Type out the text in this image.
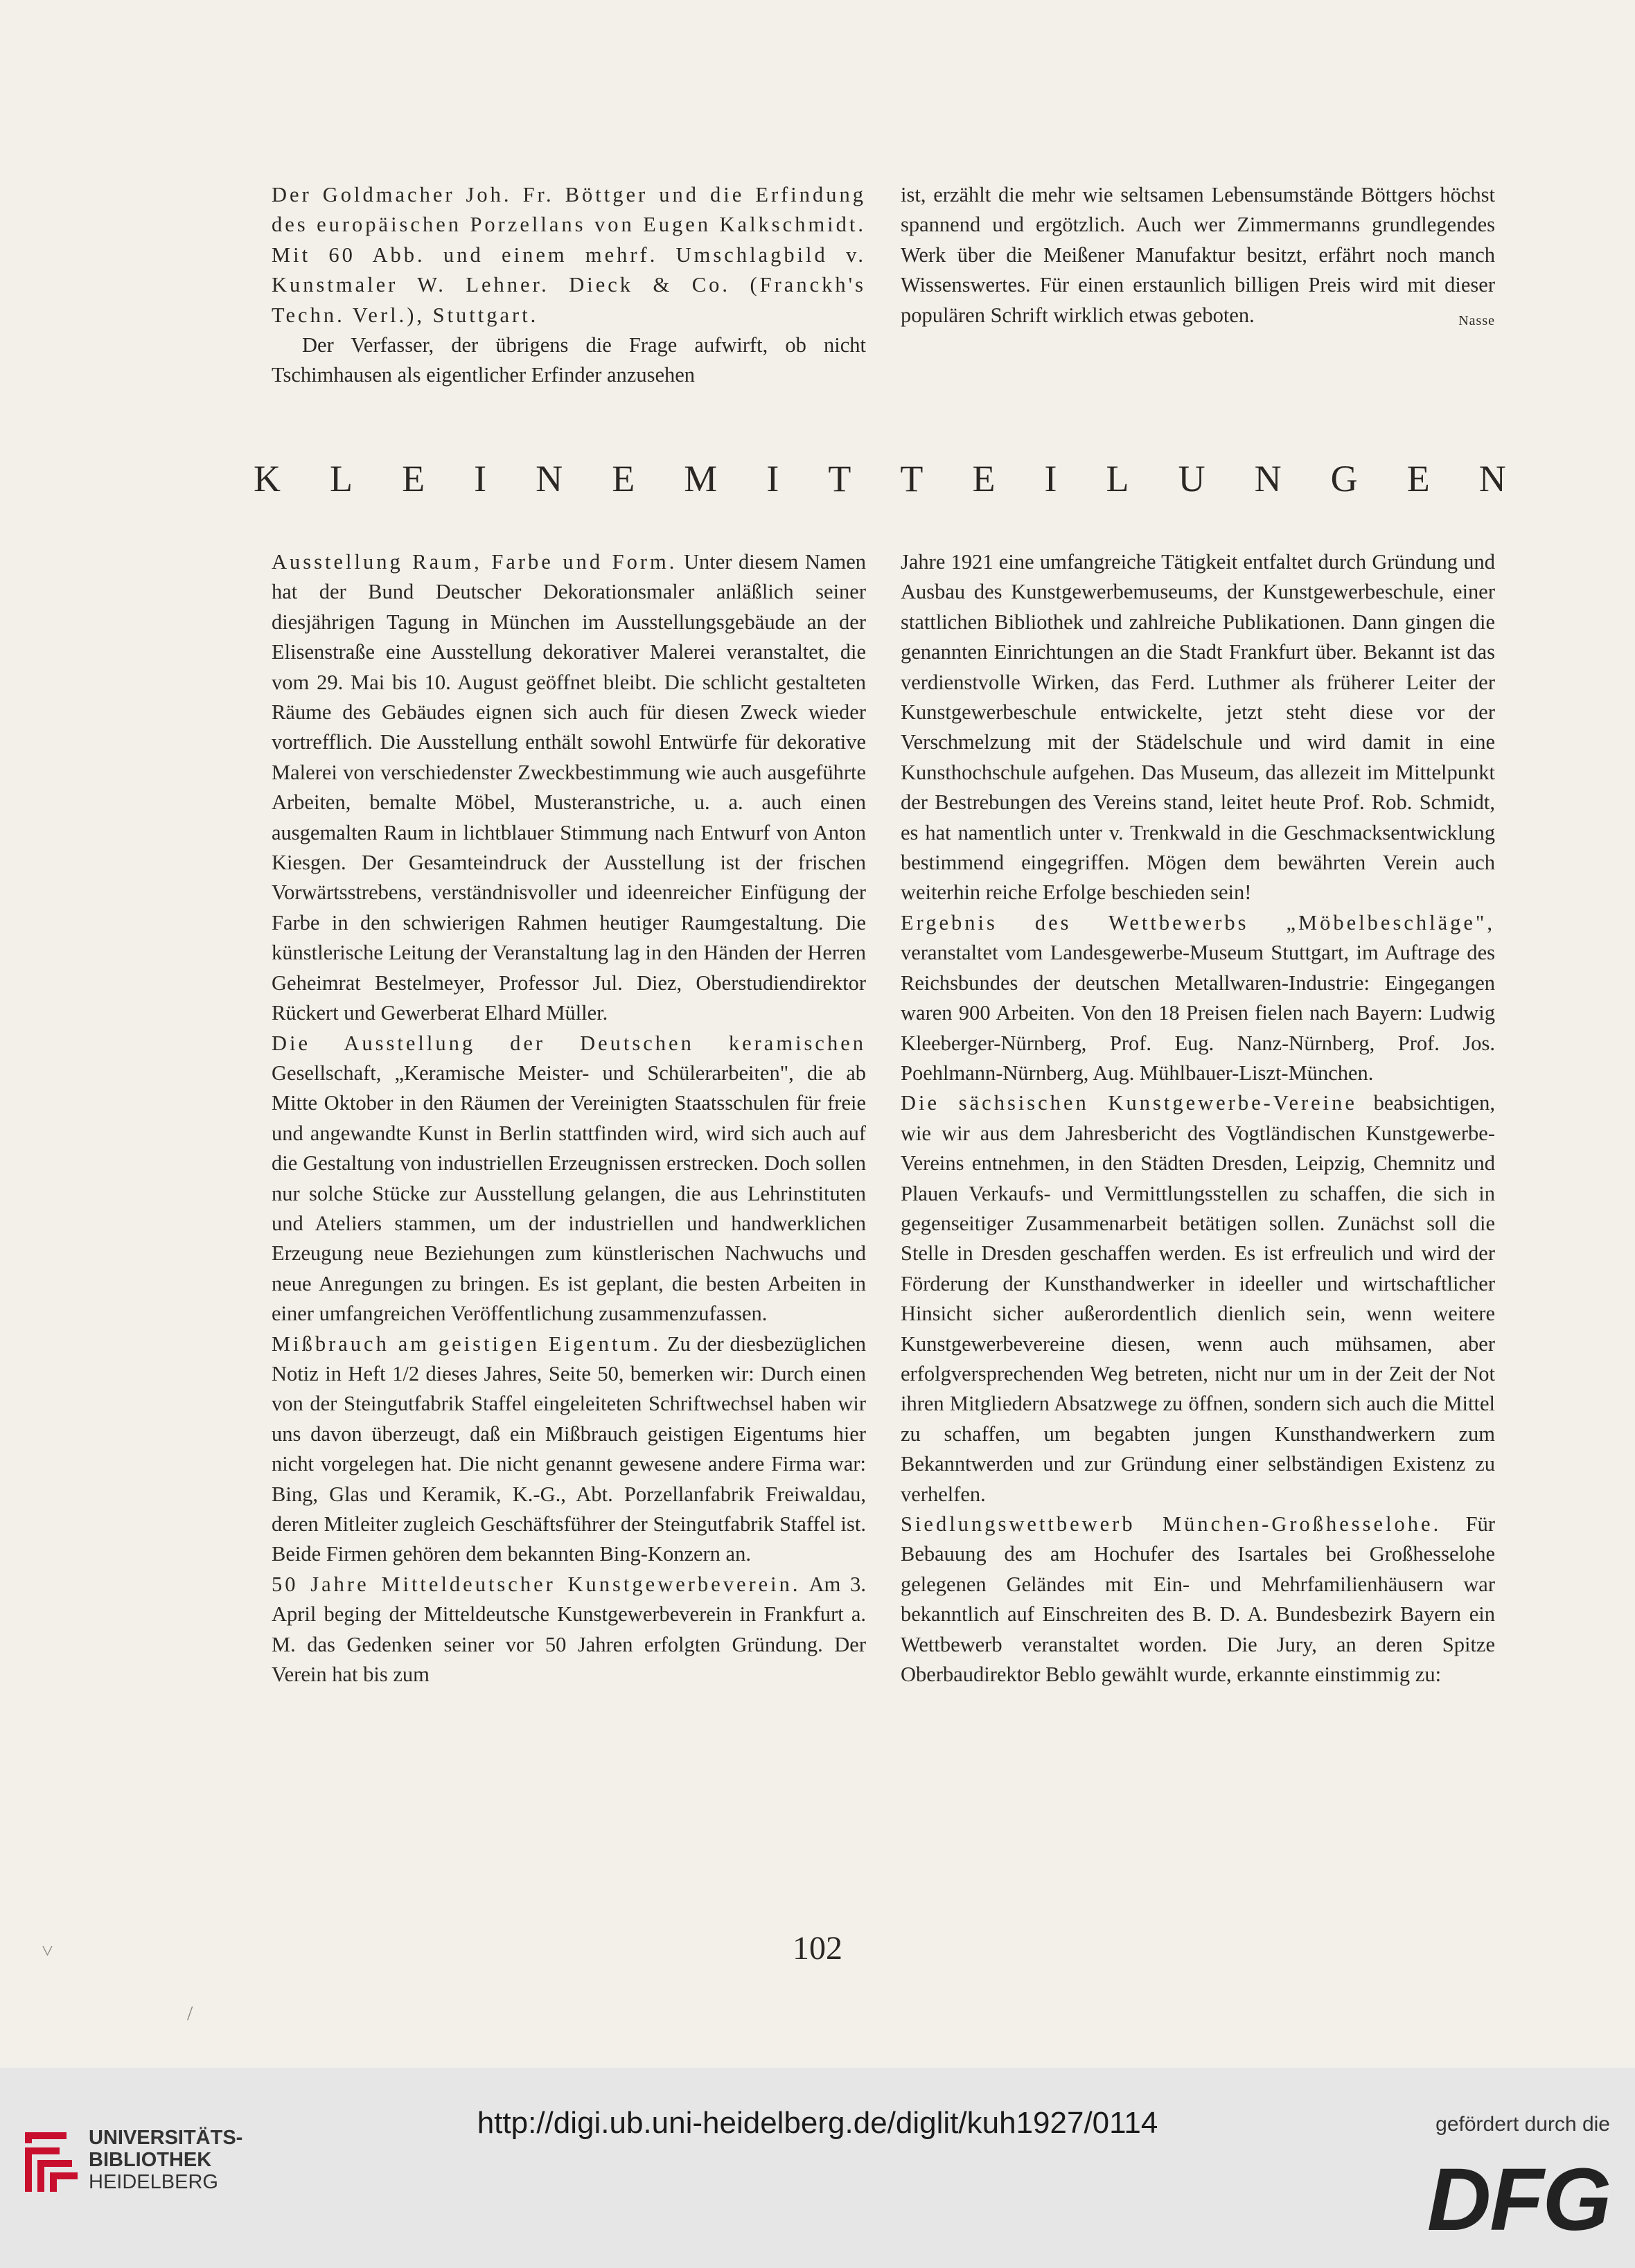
Der Goldmacher Joh. Fr. Böttger und die Erfindung des europäischen Porzellans von Eugen Kalkschmidt. Mit 60 Abb. und einem mehrf. Umschlagbild v. Kunstmaler W. Lehner. Dieck & Co. (Franckh's Techn. Verl.), Stuttgart.

Der Verfasser, der übrigens die Frage aufwirft, ob nicht Tschimhausen als eigentlicher Erfinder anzusehen

ist, erzählt die mehr wie seltsamen Lebensumstände Böttgers höchst spannend und ergötzlich. Auch wer Zimmermanns grundlegendes Werk über die Meißener Manufaktur besitzt, erfährt noch manch Wissenswertes. Für einen erstaunlich billigen Preis wird mit dieser populären Schrift wirklich etwas geboten.	Nasse

K L E I N E M I T T E I L U N G E N

Ausstellung Raum, Farbe und Form. Unter diesem Namen hat der Bund Deutscher Dekorationsmaler anläßlich seiner diesjährigen Tagung in München im Ausstellungsgebäude an der Elisenstraße eine Ausstellung dekorativer Malerei veranstaltet, die vom 29. Mai bis 10. August geöffnet bleibt. Die schlicht gestalteten Räume des Gebäudes eignen sich auch für diesen Zweck wieder vortrefflich. Die Ausstellung enthält sowohl Entwürfe für dekorative Malerei von verschiedenster Zweckbestimmung wie auch ausgeführte Arbeiten, bemalte Möbel, Musteranstriche, u. a. auch einen ausgemalten Raum in lichtblauer Stimmung nach Entwurf von Anton Kiesgen. Der Gesamteindruck der Ausstellung ist der frischen Vorwärtsstrebens, verständnisvoller und ideenreicher Einfügung der Farbe in den schwierigen Rahmen heutiger Raumgestaltung. Die künstlerische Leitung der Veranstaltung lag in den Händen der Herren Geheimrat Bestelmeyer, Professor Jul. Diez, Oberstudiendirektor Rückert und Gewerberat Elhard Müller.

Die Ausstellung der Deutschen keramischen Gesellschaft, „Keramische Meister- und Schülerarbeiten", die ab Mitte Oktober in den Räumen der Vereinigten Staatsschulen für freie und angewandte Kunst in Berlin stattfinden wird, wird sich auch auf die Gestaltung von industriellen Erzeugnissen erstrecken. Doch sollen nur solche Stücke zur Ausstellung gelangen, die aus Lehrinstituten und Ateliers stammen, um der industriellen und handwerklichen Erzeugung neue Beziehungen zum künstlerischen Nachwuchs und neue Anregungen zu bringen. Es ist geplant, die besten Arbeiten in einer umfangreichen Veröffentlichung zusammenzufassen.

Mißbrauch am geistigen Eigentum. Zu der diesbezüglichen Notiz in Heft 1/2 dieses Jahres, Seite 50, bemerken wir: Durch einen von der Steingutfabrik Staffel eingeleiteten Schriftwechsel haben wir uns davon überzeugt, daß ein Mißbrauch geistigen Eigentums hier nicht vorgelegen hat. Die nicht genannt gewesene andere Firma war: Bing, Glas und Keramik, K.-G., Abt. Porzellanfabrik Freiwaldau, deren Mitleiter zugleich Geschäftsführer der Steingutfabrik Staffel ist. Beide Firmen gehören dem bekannten Bing-Konzern an.

50 Jahre Mitteldeutscher Kunstgewerbeverein. Am 3. April beging der Mitteldeutsche Kunstgewerbeverein in Frankfurt a. M. das Gedenken seiner vor 50 Jahren erfolgten Gründung. Der Verein hat bis zum

Jahre 1921 eine umfangreiche Tätigkeit entfaltet durch Gründung und Ausbau des Kunstgewerbemuseums, der Kunstgewerbeschule, einer stattlichen Bibliothek und zahlreiche Publikationen. Dann gingen die genannten Einrichtungen an die Stadt Frankfurt über. Bekannt ist das verdienstvolle Wirken, das Ferd. Luthmer als früherer Leiter der Kunstgewerbeschule entwickelte, jetzt steht diese vor der Verschmelzung mit der Städelschule und wird damit in eine Kunsthochschule aufgehen. Das Museum, das allezeit im Mittelpunkt der Bestrebungen des Vereins stand, leitet heute Prof. Rob. Schmidt, es hat namentlich unter v. Trenkwald in die Geschmacksentwicklung bestimmend eingegriffen. Mögen dem bewährten Verein auch weiterhin reiche Erfolge beschieden sein!

Ergebnis des Wettbewerbs „Möbelbeschläge", veranstaltet vom Landesgewerbe-Museum Stuttgart, im Auftrage des Reichsbundes der deutschen Metallwaren-Industrie: Eingegangen waren 900 Arbeiten. Von den 18 Preisen fielen nach Bayern: Ludwig Kleeberger-Nürnberg, Prof. Eug. Nanz-Nürnberg, Prof. Jos. Poehlmann-Nürnberg, Aug. Mühlbauer-Liszt-München.

Die sächsischen Kunstgewerbe-Vereine beabsichtigen, wie wir aus dem Jahresbericht des Vogtländischen Kunstgewerbe-Vereins entnehmen, in den Städten Dresden, Leipzig, Chemnitz und Plauen Verkaufs- und Vermittlungsstellen zu schaffen, die sich in gegenseitiger Zusammenarbeit betätigen sollen. Zunächst soll die Stelle in Dresden geschaffen werden. Es ist erfreulich und wird der Förderung der Kunsthandwerker in ideeller und wirtschaftlicher Hinsicht sicher außerordentlich dienlich sein, wenn weitere Kunstgewerbevereine diesen, wenn auch mühsamen, aber erfolgversprechenden Weg betreten, nicht nur um in der Zeit der Not ihren Mitgliedern Absatzwege zu öffnen, sondern sich auch die Mittel zu schaffen, um begabten jungen Kunsthandwerkern zum Bekanntwerden und zur Gründung einer selbständigen Existenz zu verhelfen.

Siedlungswettbewerb München-Großhesselohe. Für Bebauung des am Hochufer des Isartales bei Großhesselohe gelegenen Geländes mit Ein- und Mehrfamilienhäusern war bekanntlich auf Einschreiten des B. D. A. Bundesbezirk Bayern ein Wettbewerb veranstaltet worden. Die Jury, an deren Spitze Oberbaudirektor Beblo gewählt wurde, erkannte einstimmig zu:

102
˅
/
UNIVERSITÄTS-
BIBLIOTHEK
HEIDELBERG
http://digi.ub.uni-heidelberg.de/diglit/kuh1927/0114	gefördert durch die
DFG
